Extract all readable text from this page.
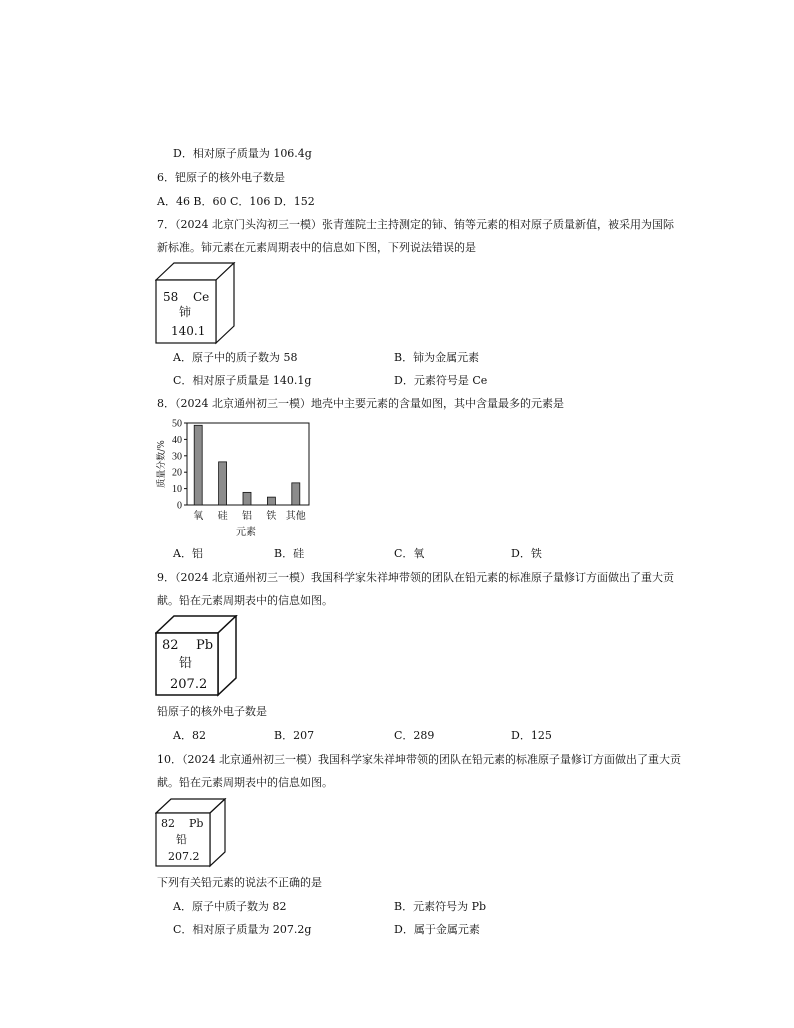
D．相对原子质量为 106.4g
6．钯原子的核外电子数是
A．46 B．60 C．106 D．152
7．（2024 北京门头沟初三一模）张青莲院士主持测定的铈、铕等元素的相对原子质量新值，被采用为国际
新标准。铈元素在元素周期表中的信息如下图，下列说法错误的是
58 Ce
铈
140.1
A．原子中的质子数为 58	B．铈为金属元素
C．相对原子质量是 140.1g	D．元素符号是 Ce
8．（2024 北京通州初三一模）地壳中主要元素的含量如图，其中含量最多的元素是
0
10
20
30
40
50
质量分数/%
氧 硅 铝 铁 其他
元素
A．铝	B．硅	C．氧	D．铁
9．（2024 北京通州初三一模）我国科学家朱祥坤带领的团队在铅元素的标准原子量修订方面做出了重大贡
献。铅在元素周期表中的信息如图。
82 Pb
铅
207.2
铅原子的核外电子数是
A．82	B．207	C．289	D．125
10．（2024 北京通州初三一模）我国科学家朱祥坤带领的团队在铅元素的标准原子量修订方面做出了重大贡
献。铅在元素周期表中的信息如图。
82 Pb
铅
207.2
下列有关铅元素的说法不正确的是
A．原子中质子数为 82	B．元素符号为 Pb
C．相对原子质量为 207.2g	D．属于金属元素
